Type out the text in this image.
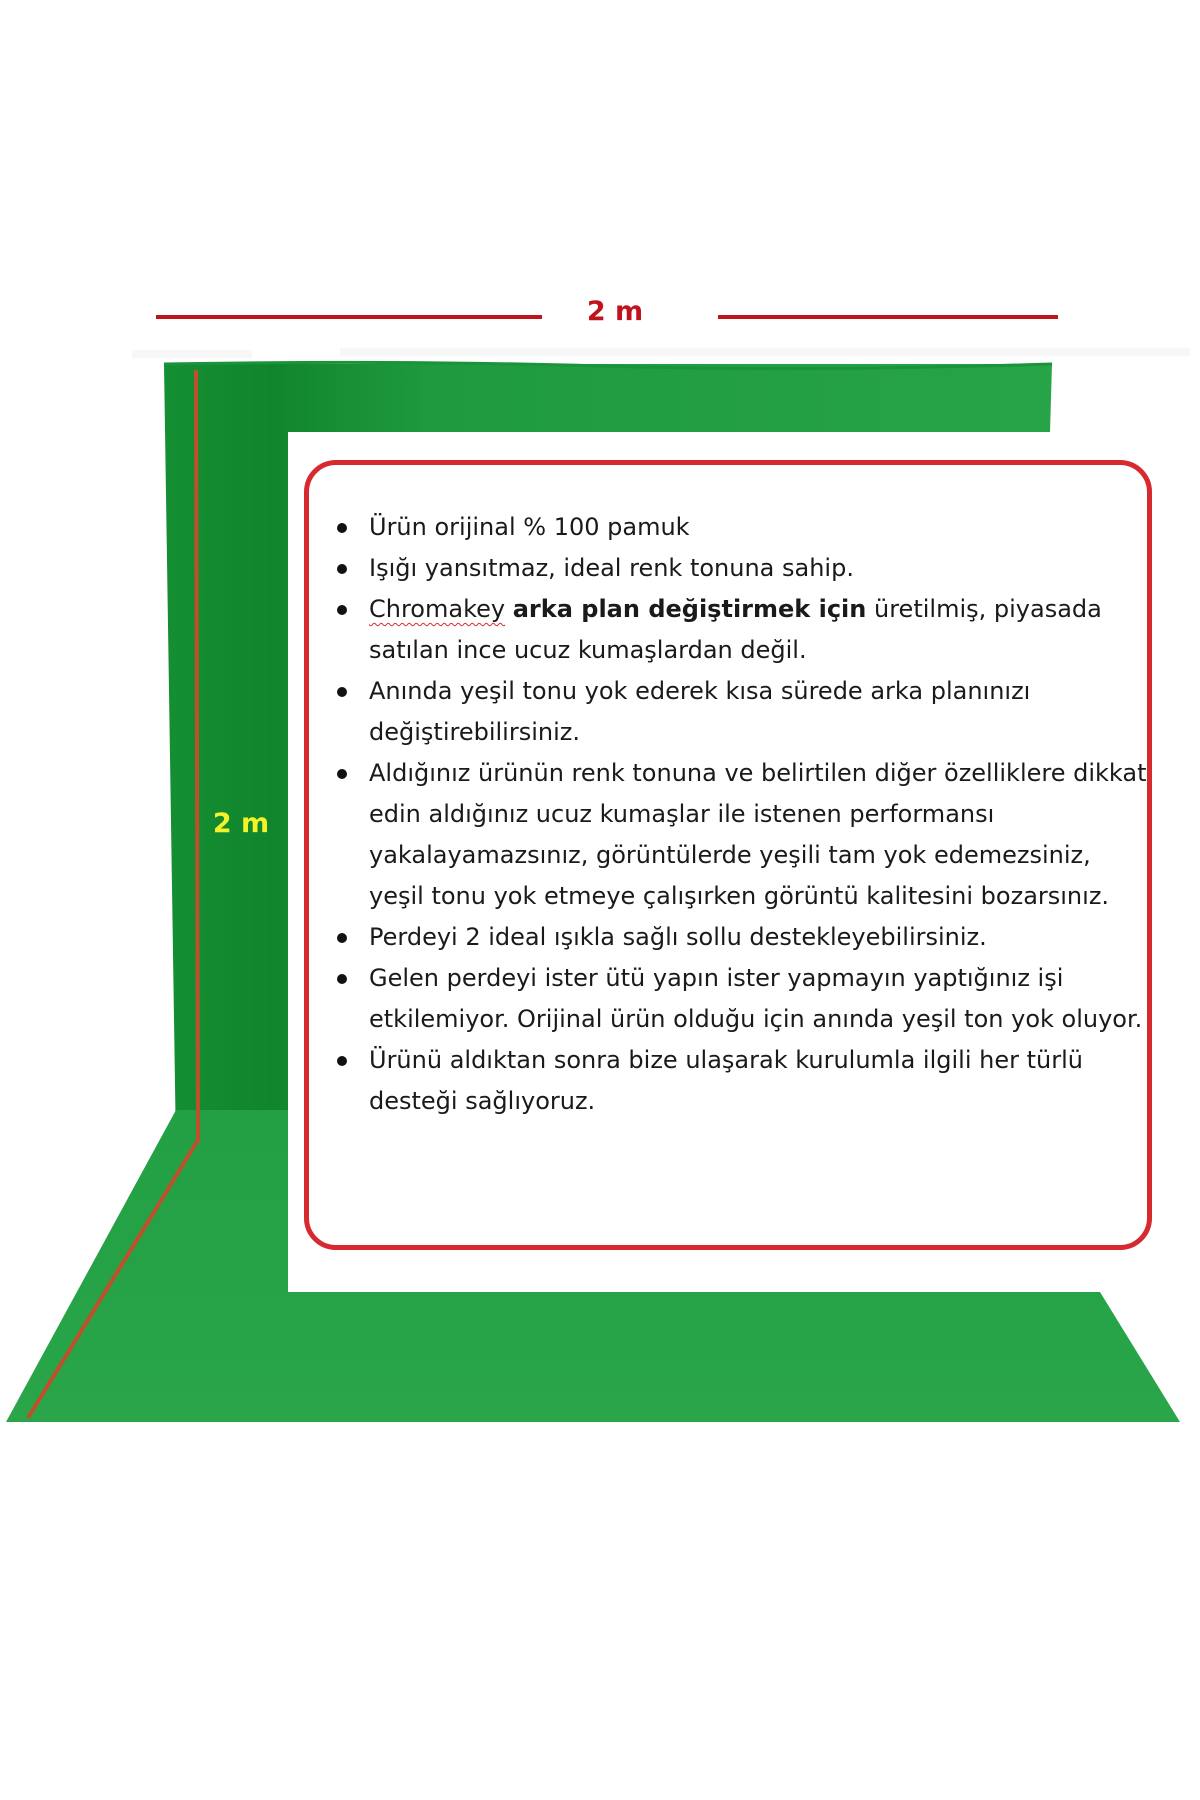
2 m
2 m
Ürün orijinal % 100 pamuk
Işığı yansıtmaz, ideal renk tonuna sahip.
Chromakey arka plan değiştirmek için üretilmiş, piyasada satılan ince ucuz kumaşlardan değil.
Anında yeşil tonu yok ederek kısa sürede arka planınızı değiştirebilirsiniz.
Aldığınız ürünün renk tonuna ve belirtilen diğer özelliklere dikkat edin aldığınız ucuz kumaşlar ile istenen performansı yakalayamazsınız, görüntülerde yeşili tam yok edemezsiniz, yeşil tonu yok etmeye çalışırken görüntü kalitesini bozarsınız.
Perdeyi 2 ideal ışıkla sağlı sollu destekleyebilirsiniz.
Gelen perdeyi ister ütü yapın ister yapmayın yaptığınız işi etkilemiyor. Orijinal ürün olduğu için anında yeşil ton yok oluyor.
Ürünü aldıktan sonra bize ulaşarak kurulumla ilgili her türlü desteği sağlıyoruz.
